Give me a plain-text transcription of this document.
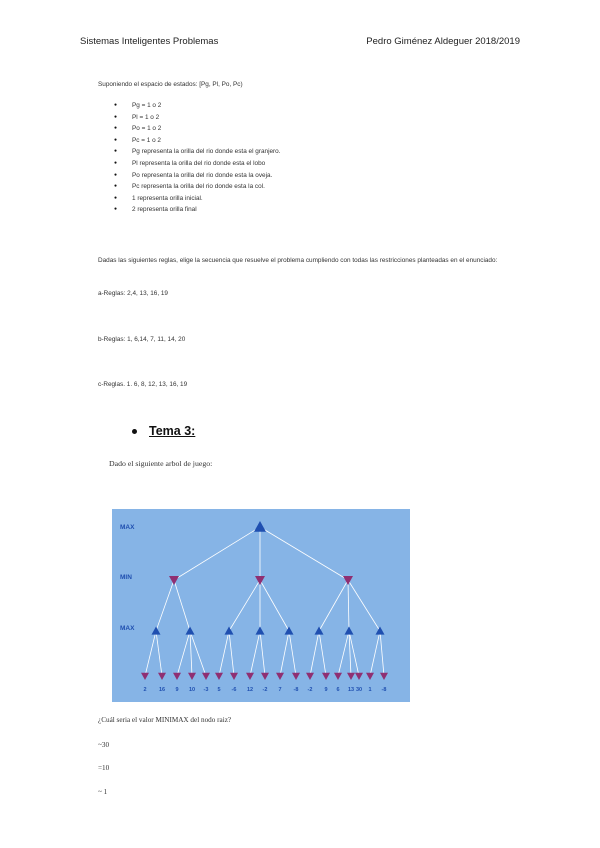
Sistemas Inteligentes Problemas	Pedro Giménez Aldeguer 2018/2019
Suponiendo el espacio de estados: [Pg, Pl, Po, Pc)
● Pg = 1 o 2
● Pl = 1 o 2
● Po = 1 o 2
● Pc = 1 o 2
● Pg representa la orilla del rio donde esta el granjero.
● Pl representa la orilla del rio donde esta el lobo
● Po representa la orilla del rio donde esta la oveja.
● Pc representa la orilla del rio donde esta la col.
● 1 representa orilla inicial.
● 2 representa orilla final
Dadas las siguientes reglas, elige la secuencia que resuelve el problema cumpliendo con todas las restricciones planteadas en el enunciado:
a-Reglas: 2,4, 13, 16, 19
b-Reglas: 1, 6,14, 7, 11, 14, 20
c-Reglas. 1. 6, 8, 12, 13, 16, 19
Tema 3:
Dado el siguiente arbol de juego:
MAX
MIN
MAX
2 16 9 10 -3 5 -6 12 -2 7 -8 -2 9 6 13 30 1 -8
¿Cuál seria el valor MINIMAX del nodo raiz?
~30
=10
~ 1
